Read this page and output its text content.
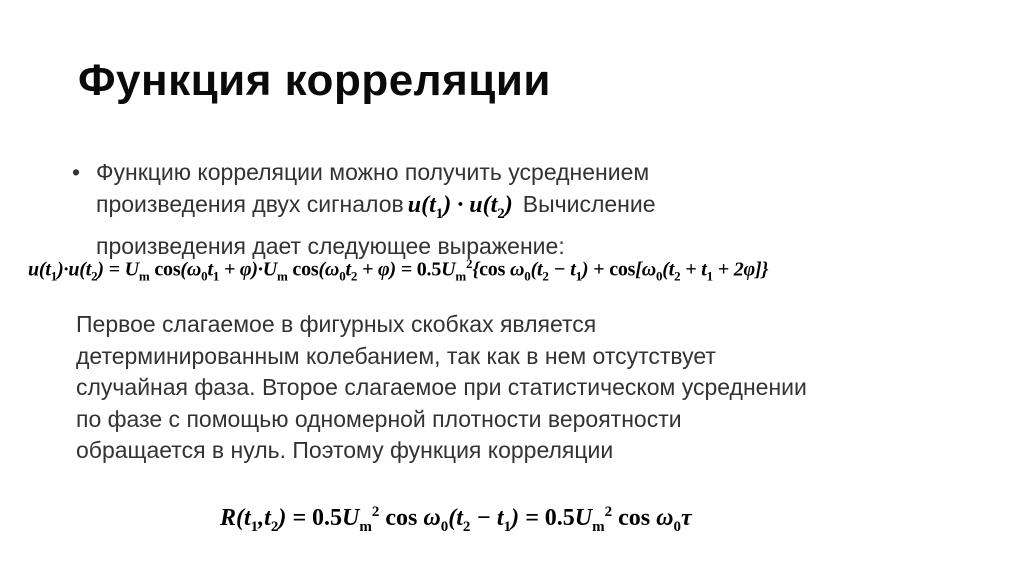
Функция корреляции
• Функцию корреляции можно получить усреднением
произведения двух сигналов $u(t_1) \cdot u(t_2)$ Вычисление
произведения дает следующее выражение:
$u(t_1)\cdot u(t_2) = U_m$ $\cos(\omega_0t_1 + \varphi)\cdot U_m$ $\cos(\omega_0t_2 + \varphi) = 0.5U_m^2\{\cos$ $\omega_0(t_2 - t_1) + \cos[\omega_0(t_2 + t_1 + 2\varphi]\}$

Первое слагаемое в фигурных скобках является
детерминированным колебанием, так как в нем отсутствует
случайная фаза. Второе слагаемое при статистическом усреднении
по фазе с помощью одномерной плотности вероятности
обращается в нуль. Поэтому функция корреляции

$R(t_1,t_2) = 0.5U_m^2$ $\cos \omega_0(t_2 - t_1) = 0.5U_m^2$ $\cos \omega_0\tau$
